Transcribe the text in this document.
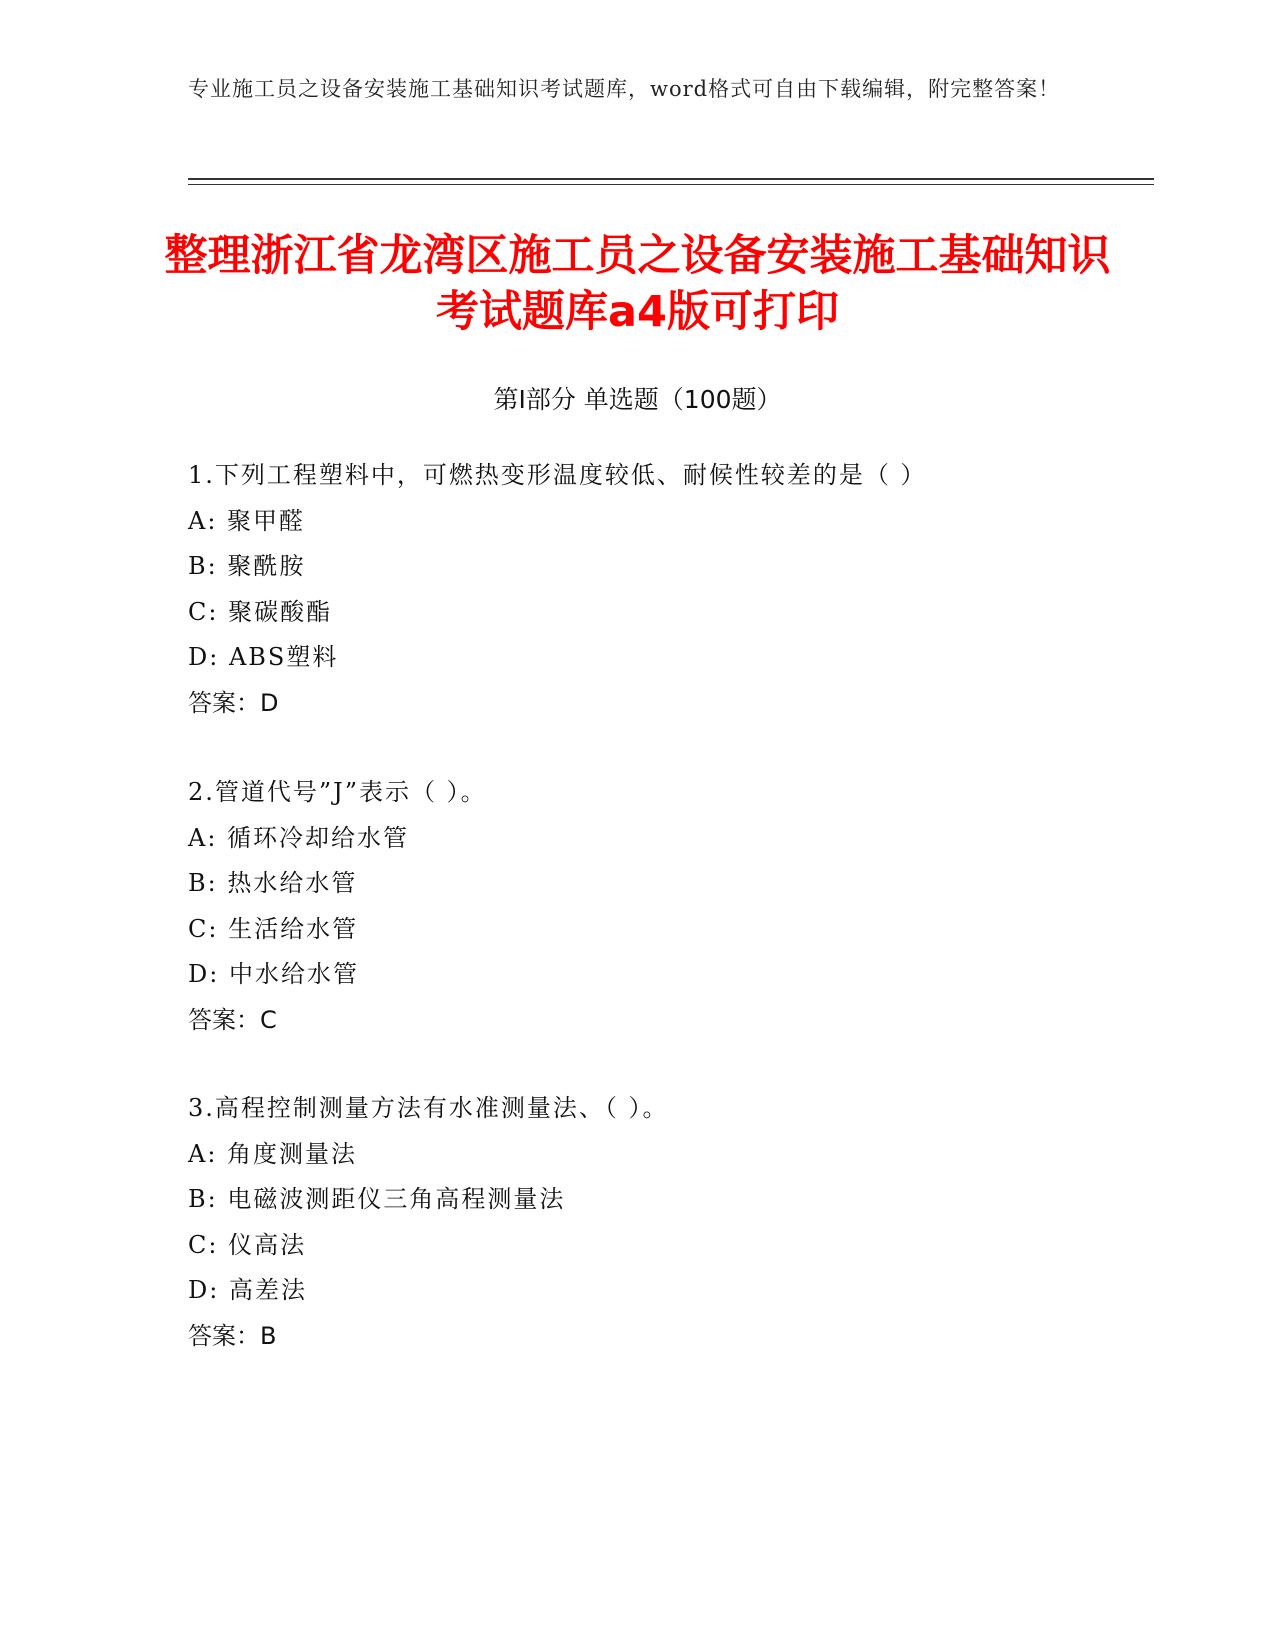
专业施工员之设备安装施工基础知识考试题库，word格式可自由下载编辑，附完整答案！
整理浙江省龙湾区施工员之设备安装施工基础知识考试题库a4版可打印
第Ⅰ部分 单选题（100题）
1.下列工程塑料中，可燃热变形温度较低、耐候性较差的是（ ）
A: 聚甲醛
B: 聚酰胺
C: 聚碳酸酯
D: ABS塑料
答案：D
2.管道代号”J”表示（ ）。
A: 循环冷却给水管
B: 热水给水管
C: 生活给水管
D: 中水给水管
答案：C
3.高程控制测量方法有水准测量法、（ ）。
A: 角度测量法
B: 电磁波测距仪三角高程测量法
C: 仪高法
D: 高差法
答案：B
